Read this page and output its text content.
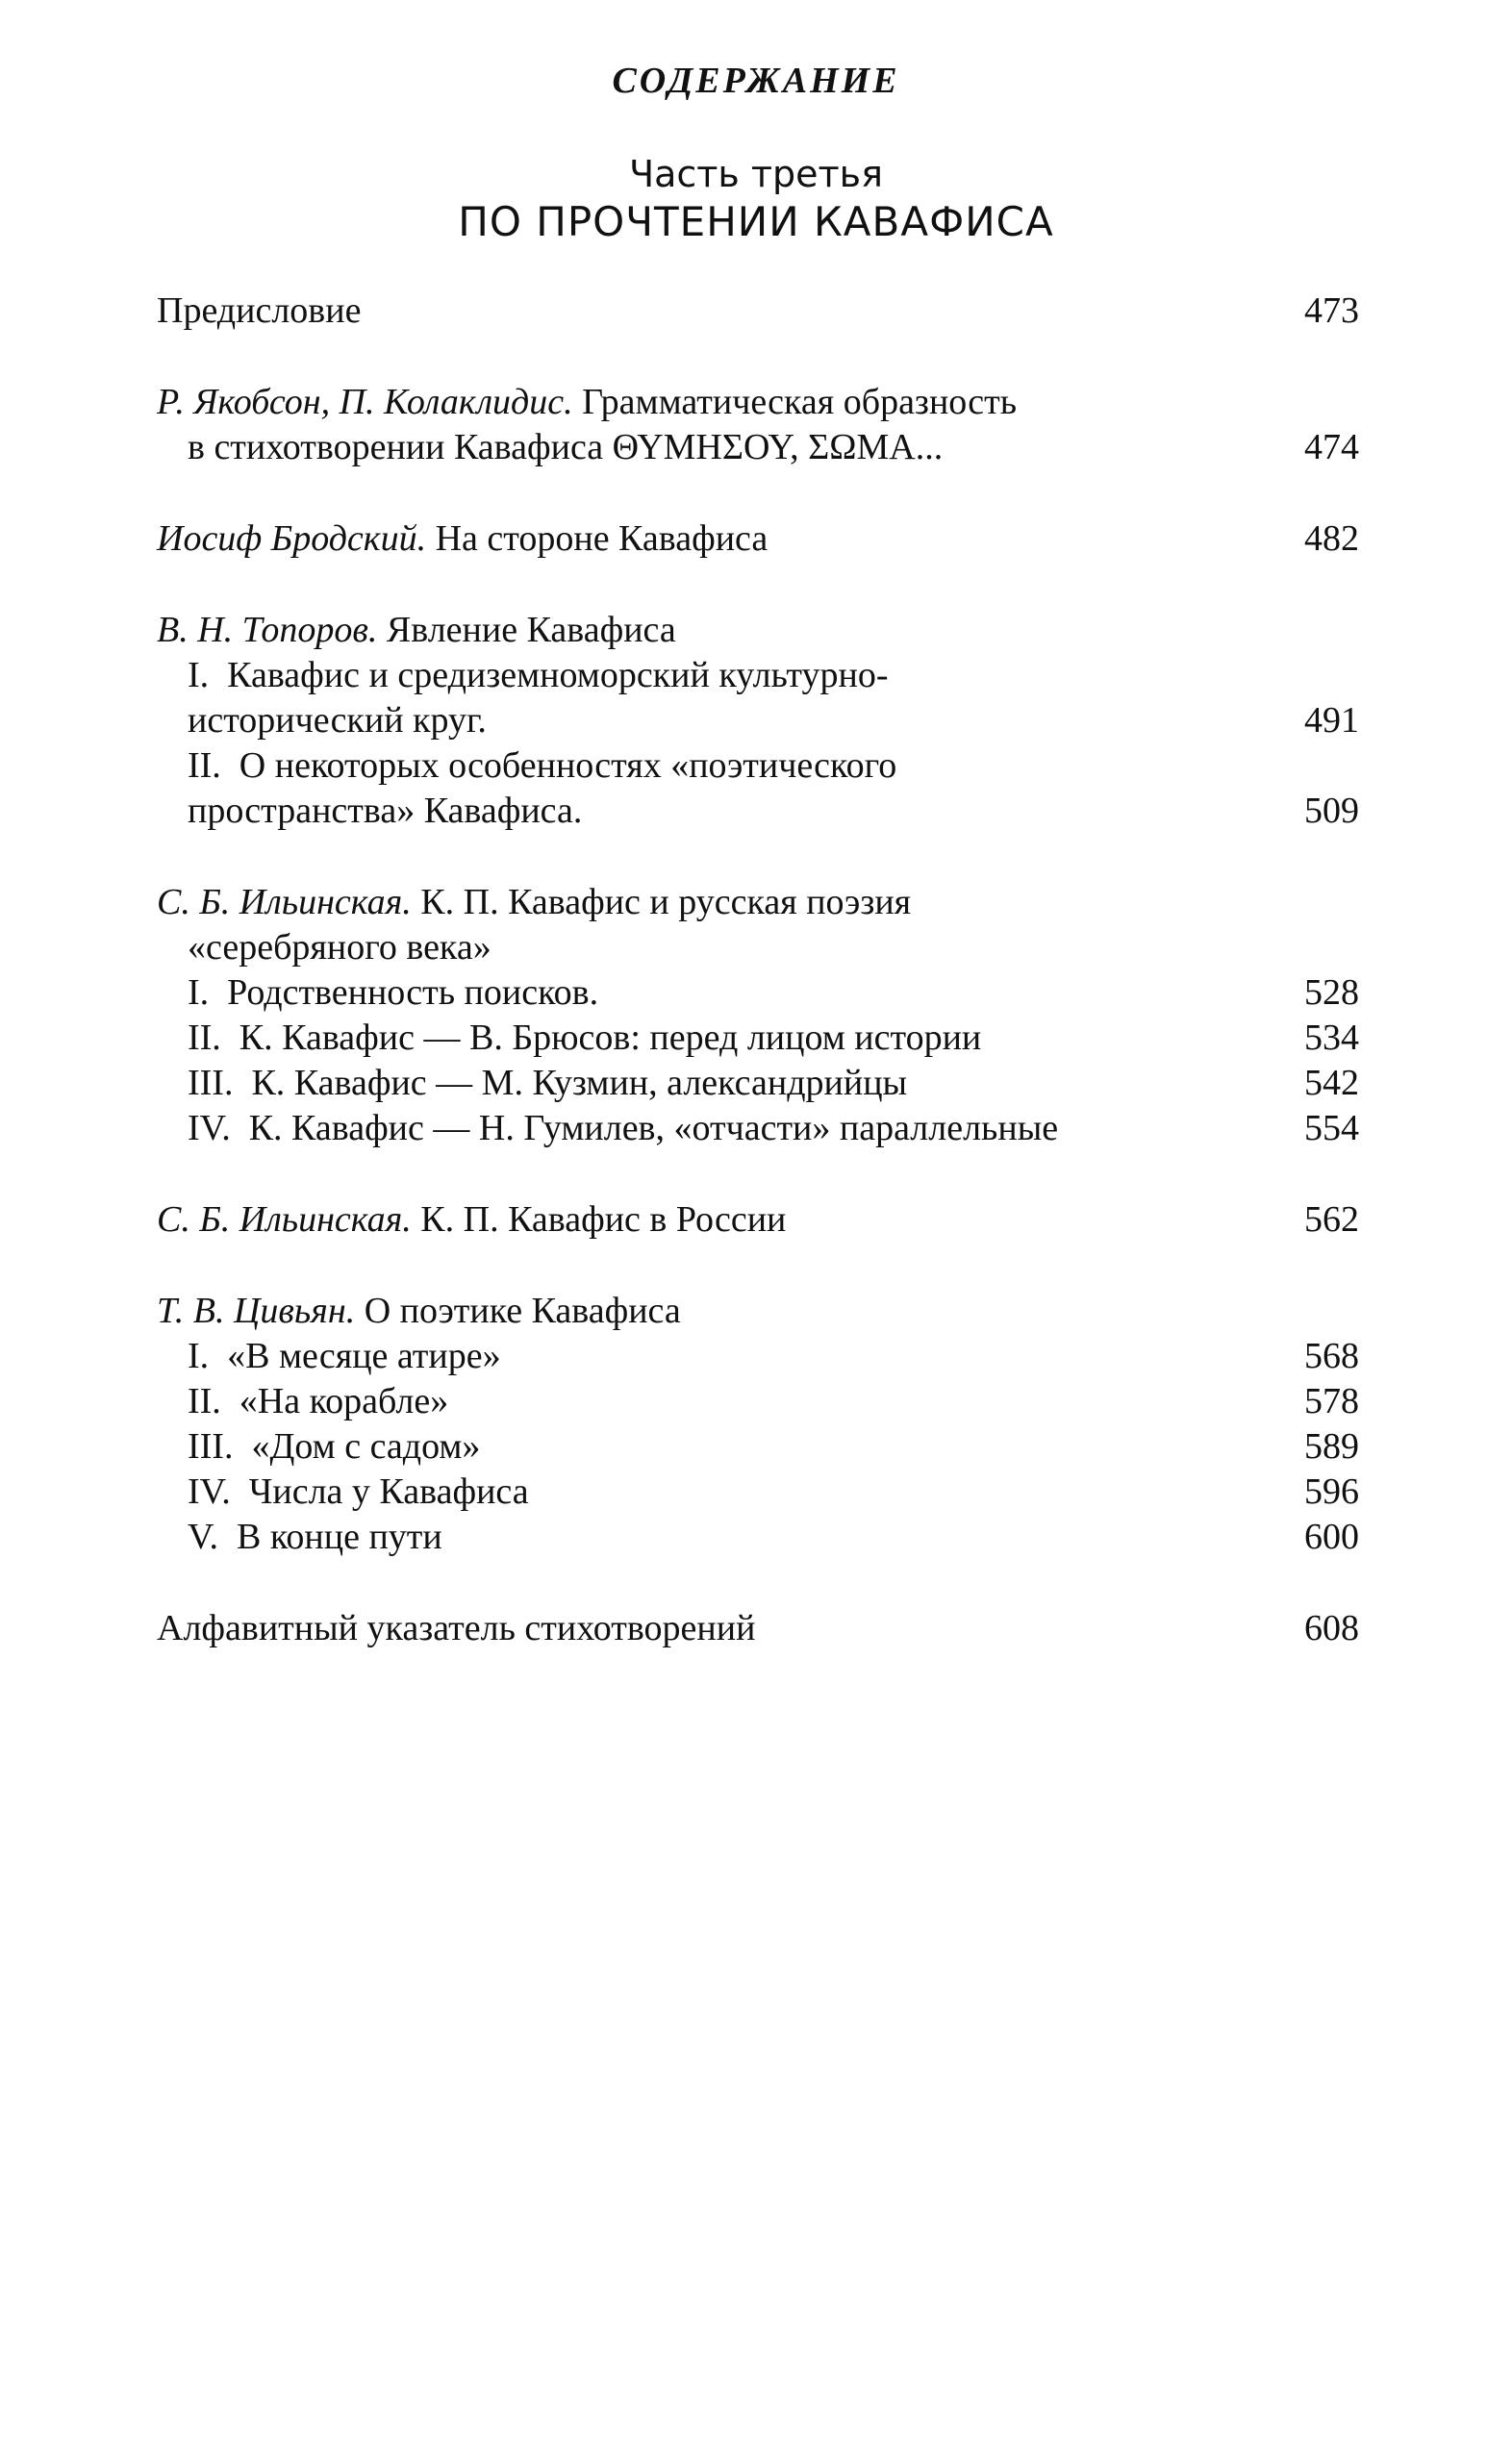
СОДЕРЖАНИЕ
Часть третья
ПО ПРОЧТЕНИИ КАВАФИСА
Предисловие	473
Р. Якобсон, П. Колаклидис. Грамматическая образность
в стихотворении Кавафиса ΘΥΜΗΣΟΥ, ΣΩΜΑ...	474
Иосиф Бродский. На стороне Кавафиса	482
В. Н. Топоров. Явление Кавафиса
I.  Кавафис и средиземноморский культурно-
исторический круг.	491
II.  О некоторых особенностях «поэтического
пространства» Кавафиса.	509
С. Б. Ильинская. К. П. Кавафис и русская поэзия
«серебряного века»
I.  Родственность поисков.	528
II.  К. Кавафис — В. Брюсов: перед лицом истории	534
III.  К. Кавафис — М. Кузмин, александрийцы	542
IV.  К. Кавафис — Н. Гумилев, «отчасти» параллельные	554
С. Б. Ильинская. К. П. Кавафис в России	562
Т. В. Цивьян. О поэтике Кавафиса
I.  «В месяце атире»	568
II.  «На корабле»	578
III.  «Дом с садом»	589
IV.  Числа у Кавафиса	596
V.  В конце пути	600
Алфавитный указатель стихотворений	608
